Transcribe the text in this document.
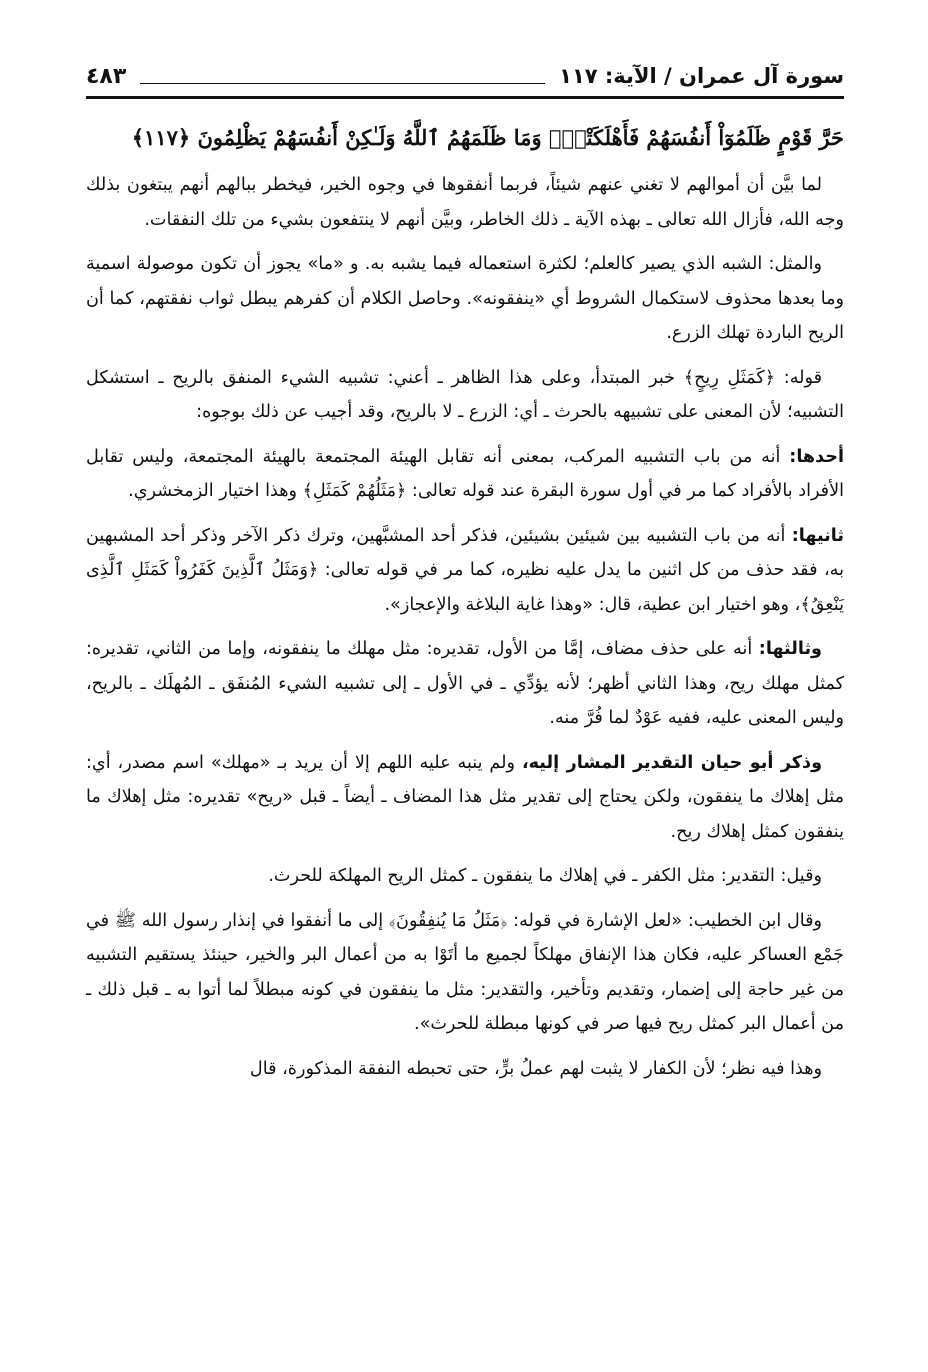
سورة آل عمران / الآية: ١١٧
٤٨٣

حَرَّ قَوْمٍ ظَلَمُوٓاْ أَنفُسَهُمْ فَأَهْلَكَتْهُۚ وَمَا ظَلَمَهُمُ ٱللَّهُ وَلَـٰكِنْ أَنفُسَهُمْ يَظْلِمُونَ ﴿١١٧﴾

لما بيَّن أن أموالهم لا تغني عنهم شيئاً، فربما أنفقوها في وجوه الخير، فيخطر ببالهم أنهم يبتغون بذلك وجه الله، فأزال الله تعالى ـ بهذه الآية ـ ذلك الخاطر، وبيَّن أنهم لا ينتفعون بشيء من تلك النفقات.

والمثل: الشبه الذي يصير كالعلم؛ لكثرة استعماله فيما يشبه به. و «ما» يجوز أن تكون موصولة اسمية وما بعدها محذوف لاستكمال الشروط أي «ينفقونه». وحاصل الكلام أن كفرهم يبطل ثواب نفقتهم، كما أن الريح الباردة تهلك الزرع.

قوله: ﴿كَمَثَلِ رِيحٍ﴾ خبر المبتدأ، وعلى هذا الظاهر ـ أعني: تشبيه الشيء المنفق بالريح ـ استشكل التشبيه؛ لأن المعنى على تشبيهه بالحرث ـ أي: الزرع ـ لا بالريح، وقد أجيب عن ذلك بوجوه:

أحدها: أنه من باب التشبيه المركب، بمعنى أنه تقابل الهيئة المجتمعة بالهيئة المجتمعة، وليس تقابل الأفراد بالأفراد كما مر في أول سورة البقرة عند قوله تعالى: ﴿مَثَلُهُمْ كَمَثَلِ﴾ وهذا اختيار الزمخشري.

ثانيها: أنه من باب التشبيه بين شيئين بشيئين، فذكر أحد المشبَّهين، وترك ذكر الآخر وذكر أحد المشبهين به، فقد حذف من كل اثنين ما يدل عليه نظيره، كما مر في قوله تعالى: ﴿وَمَثَلُ ٱلَّذِينَ كَفَرُواْ كَمَثَلِ ٱلَّذِى يَنْعِقُ﴾، وهو اختيار ابن عطية، قال: «وهذا غاية البلاغة والإعجاز».

وثالثها: أنه على حذف مضاف، إمَّا من الأول، تقديره: مثل مهلك ما ينفقونه، وإما من الثاني، تقديره: كمثل مهلك ريح، وهذا الثاني أظهر؛ لأنه يؤدِّي ـ في الأول ـ إلى تشبيه الشيء المُنفَق ـ المُهلَك ـ بالريح، وليس المعنى عليه، ففيه عَوْدٌ لما فُرَّ منه.

وذكر أبو حيان التقدير المشار إليه، ولم ينبه عليه اللهم إلا أن يريد بـ «مهلك» اسم مصدر، أي: مثل إهلاك ما ينفقون، ولكن يحتاج إلى تقدير مثل هذا المضاف ـ أيضاً ـ قبل «ريح» تقديره: مثل إهلاك ما ينفقون كمثل إهلاك ريح.

وقيل: التقدير: مثل الكفر ـ في إهلاك ما ينفقون ـ كمثل الريح المهلكة للحرث.

وقال ابن الخطيب: «لعل الإشارة في قوله: ﴿مَثَلُ مَا يُنفِقُونَ﴾ إلى ما أنفقوا في إنذار رسول الله ﷺ في جَمْع العساكر عليه، فكان هذا الإنفاق مهلكاً لجميع ما أتَوْا به من أعمال البر والخير، حينئذ يستقيم التشبيه من غير حاجة إلى إضمار، وتقديم وتأخير، والتقدير: مثل ما ينفقون في كونه مبطلاً لما أتوا به ـ قبل ذلك ـ من أعمال البر كمثل ريح فيها صر في كونها مبطلة للحرث».

وهذا فيه نظر؛ لأن الكفار لا يثبت لهم عملُ برٍّ، حتى تحبطه النفقة المذكورة، قال
